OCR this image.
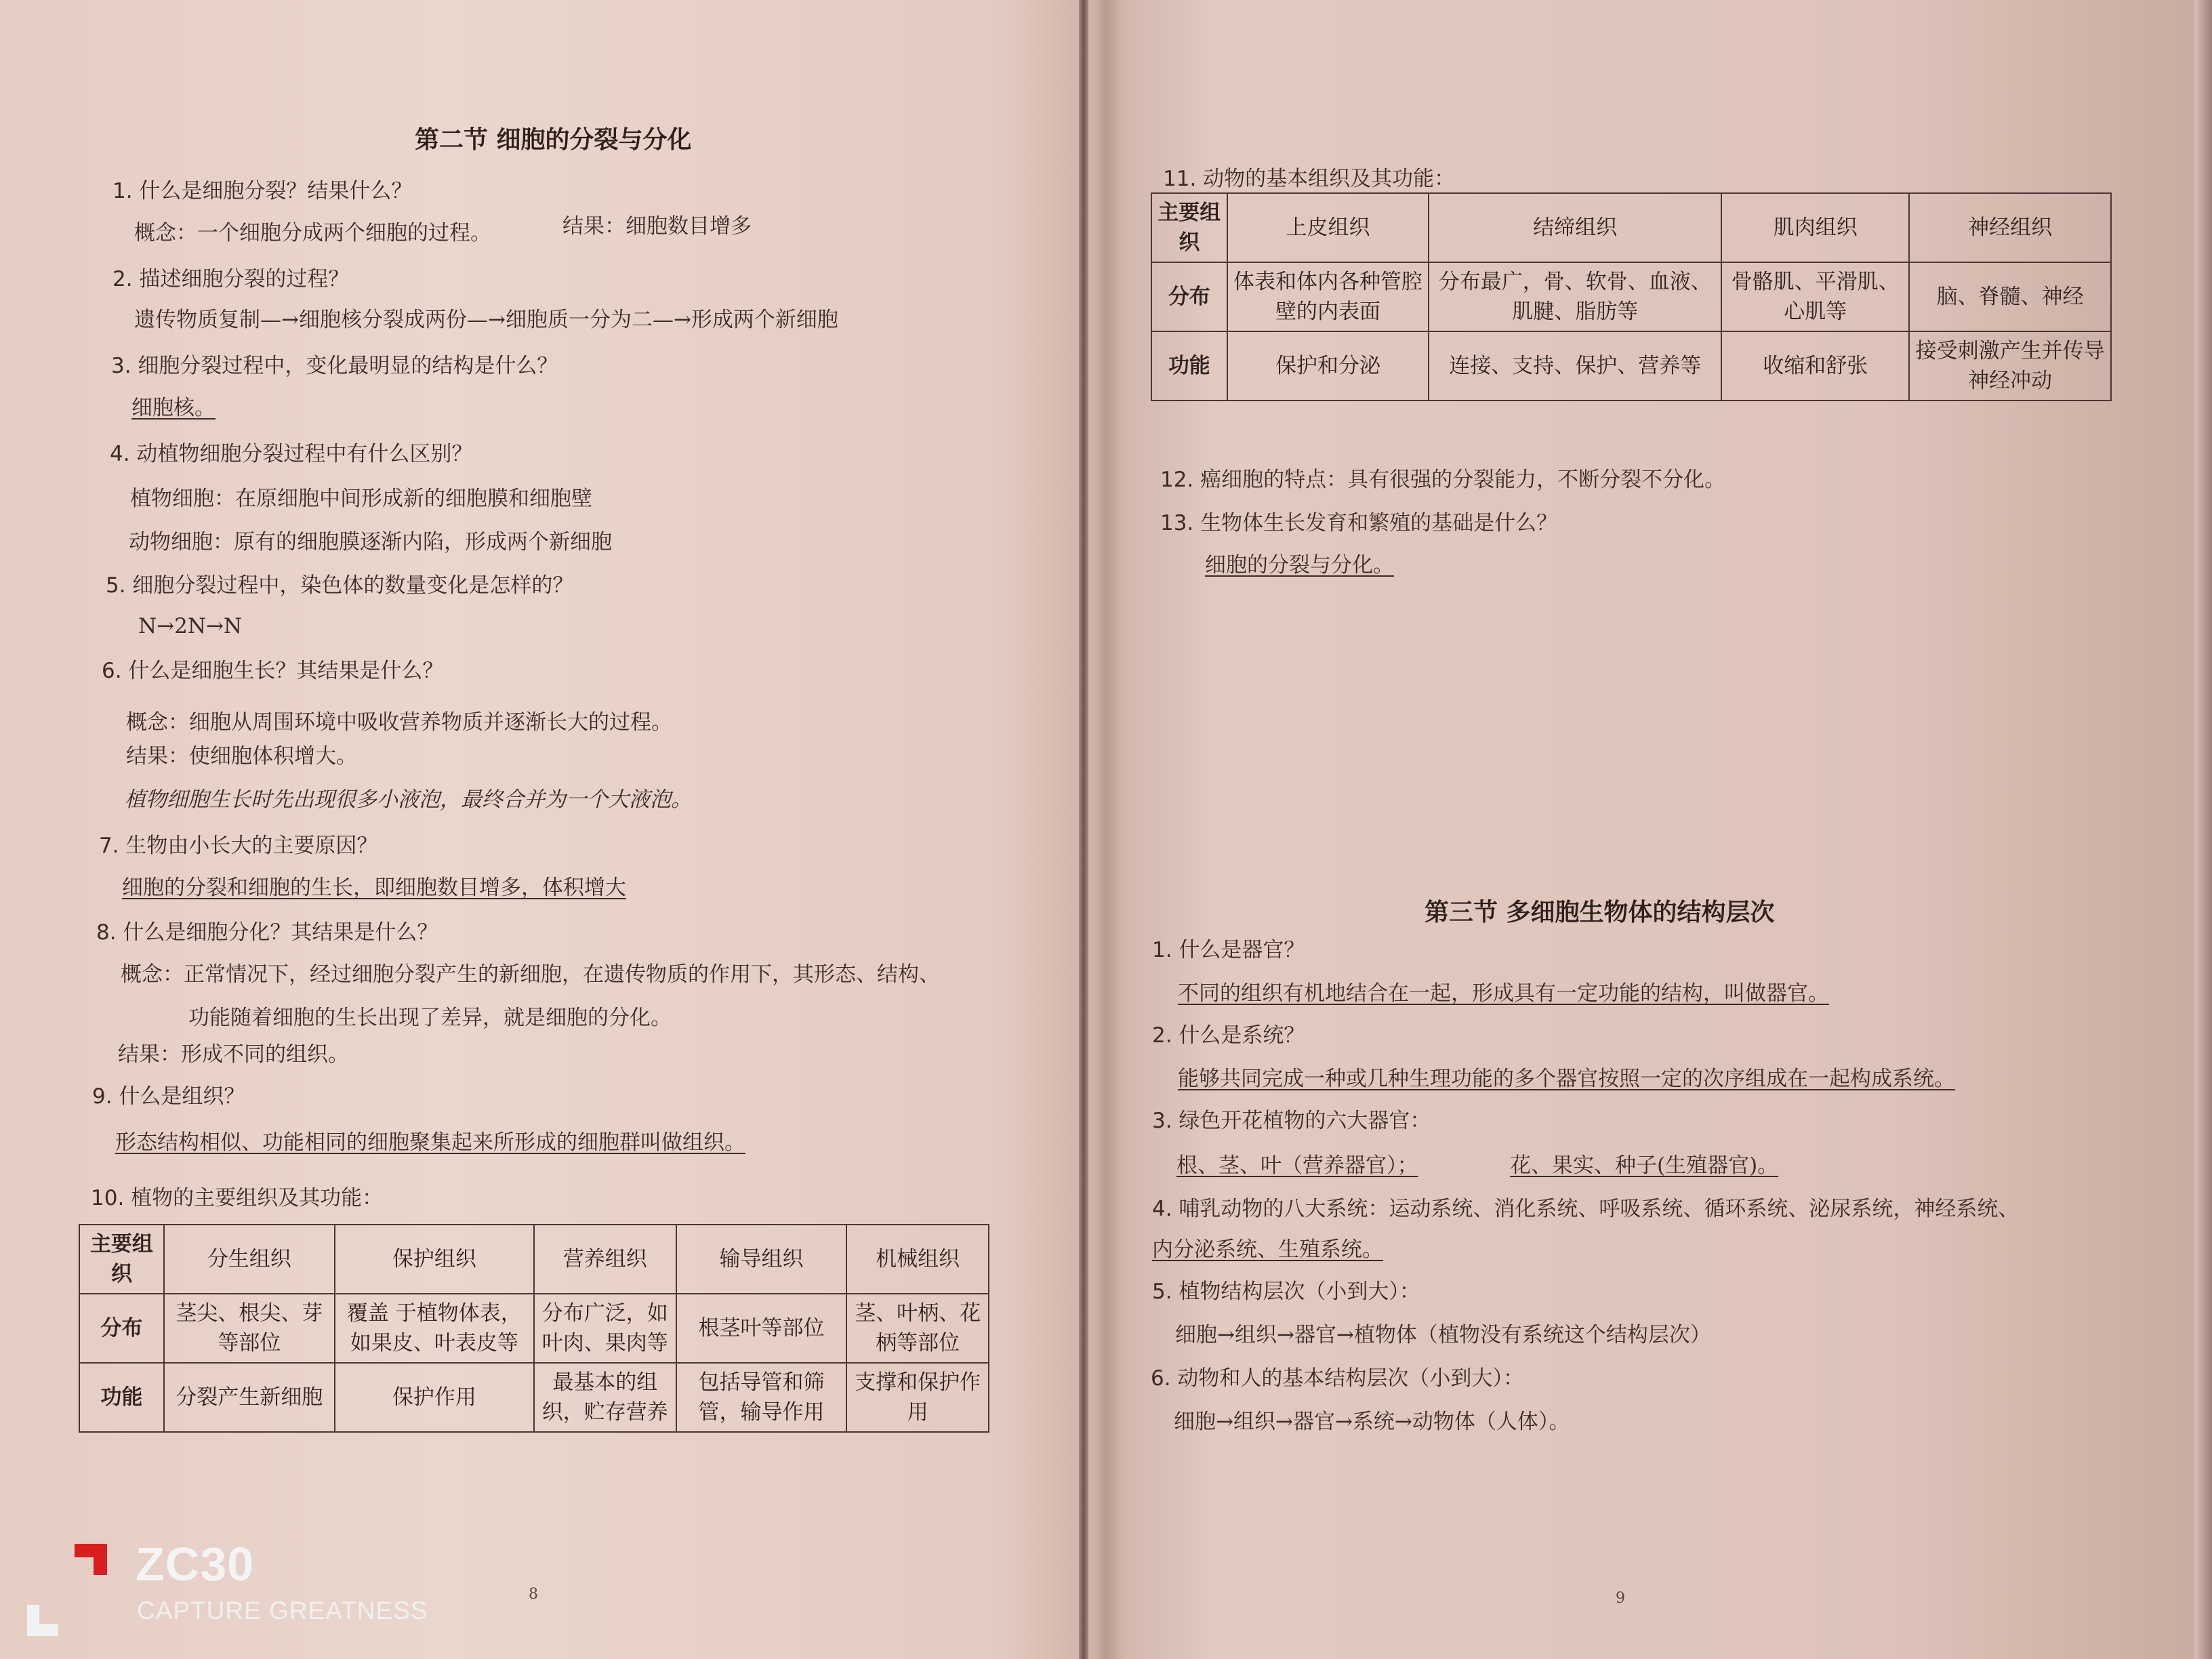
第二节 细胞的分裂与分化
1. 什么是细胞分裂？结果什么？
概念：一个细胞分成两个细胞的过程。	结果：细胞数目增多
2. 描述细胞分裂的过程？
遗传物质复制—→细胞核分裂成两份—→细胞质一分为二—→形成两个新细胞
3. 细胞分裂过程中，变化最明显的结构是什么？
细胞核。
4. 动植物细胞分裂过程中有什么区别？
植物细胞：在原细胞中间形成新的细胞膜和细胞壁
动物细胞：原有的细胞膜逐渐内陷，形成两个新细胞
5. 细胞分裂过程中，染色体的数量变化是怎样的？
N→2N→N
6. 什么是细胞生长？其结果是什么？
概念：细胞从周围环境中吸收营养物质并逐渐长大的过程。
结果：使细胞体积增大。
植物细胞生长时先出现很多小液泡，最终合并为一个大液泡。
7. 生物由小长大的主要原因？
细胞的分裂和细胞的生长，即细胞数目增多，体积增大
8. 什么是细胞分化？其结果是什么？
概念：正常情况下，经过细胞分裂产生的新细胞，在遗传物质的作用下，其形态、结构、
功能随着细胞的生长出现了差异，就是细胞的分化。
结果：形成不同的组织。
9. 什么是组织？
形态结构相似、功能相同的细胞聚集起来所形成的细胞群叫做组织。
10. 植物的主要组织及其功能：
主要组织	分生组织	保护组织	营养组织	输导组织	机械组织
分布	茎尖、根尖、芽等部位	覆盖 于植物体表，如果皮、叶表皮等	分布广泛，如叶肉、果肉等	根茎叶等部位	茎、叶柄、花柄等部位
功能	分裂产生新细胞	保护作用	最基本的组织，贮存营养	包括导管和筛管，输导作用	支撑和保护作用
8
11. 动物的基本组织及其功能：
主要组织	上皮组织	结缔组织	肌肉组织	神经组织
分布	体表和体内各种管腔壁的内表面	分布最广，骨、软骨、血液、肌腱、脂肪等	骨骼肌、平滑肌、心肌等	脑、脊髓、神经
功能	保护和分泌	连接、支持、保护、营养等	收缩和舒张	接受刺激产生并传导神经冲动
12. 癌细胞的特点：具有很强的分裂能力，不断分裂不分化。
13. 生物体生长发育和繁殖的基础是什么？
细胞的分裂与分化。
第三节 多细胞生物体的结构层次
1. 什么是器官？
不同的组织有机地结合在一起，形成具有一定功能的结构，叫做器官。
2. 什么是系统？
能够共同完成一种或几种生理功能的多个器官按照一定的次序组成在一起构成系统。
3. 绿色开花植物的六大器官：
根、茎、叶（营养器官）；	花、果实、种子(生殖器官)。
4. 哺乳动物的八大系统：运动系统、消化系统、呼吸系统、循环系统、泌尿系统，神经系统、
内分泌系统、生殖系统。
5. 植物结构层次（小到大）：
细胞→组织→器官→植物体（植物没有系统这个结构层次）
6. 动物和人的基本结构层次（小到大）：
细胞→组织→器官→系统→动物体（人体）。
9
ZC30
CAPTURE GREATNESS
